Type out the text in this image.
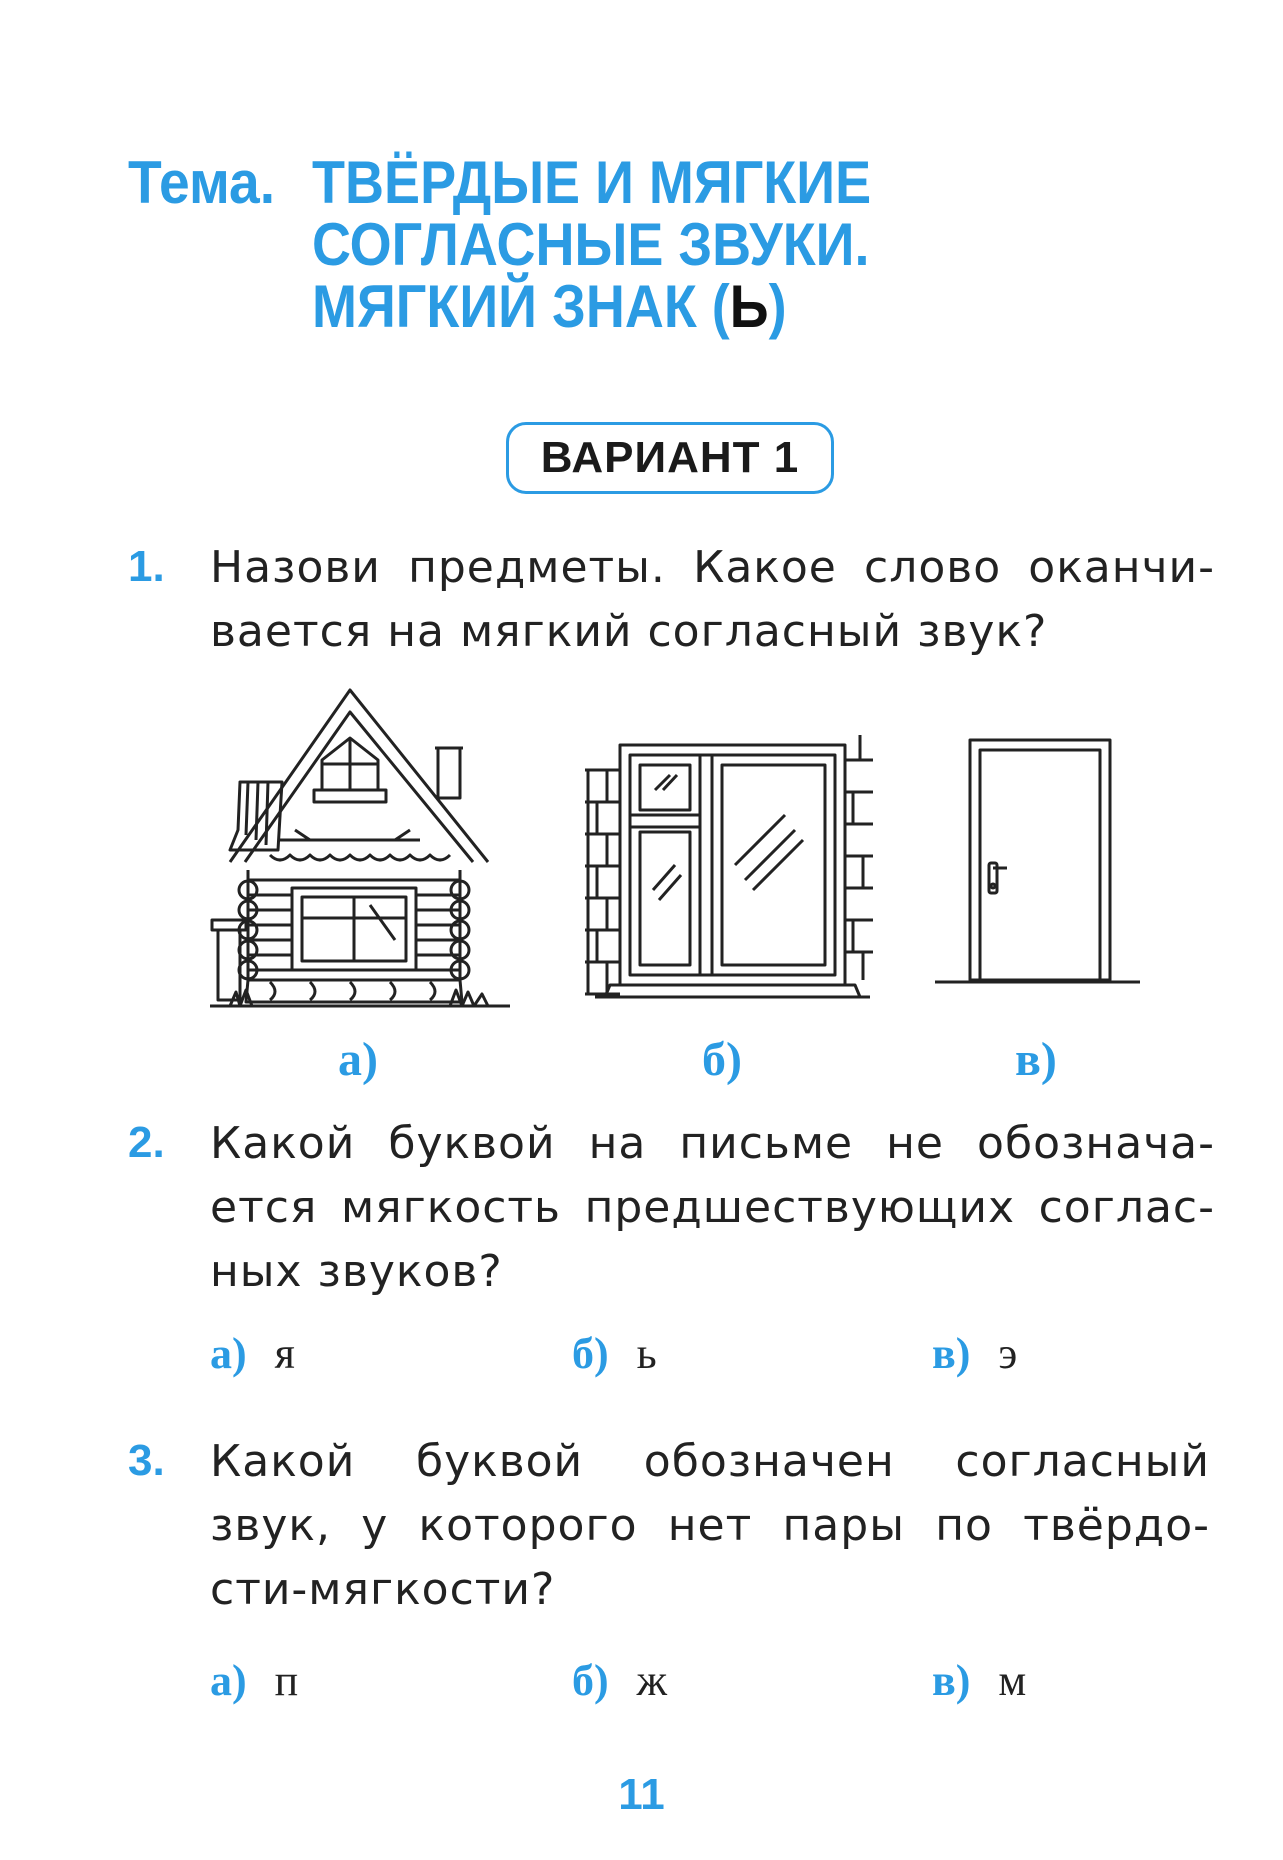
Тема. ТВЁРДЫЕ И МЯГКИЕ
СОГЛАСНЫЕ ЗВУКИ.
МЯГКИЙ ЗНАК (Ь)
ВАРИАНТ 1
1. Назови предметы. Какое слово оканчи-
вается на мягкий согласный звук?
а)	б)	в)
2. Какой буквой на письме не обознача-
ется мягкость предшествующих соглас-
ных звуков?
а) я	б) ь	в) э
3. Какой буквой обозначен согласный
звук, у которого нет пары по твёрдо-
сти-мягкости?
а) п	б) ж	в) м
11
